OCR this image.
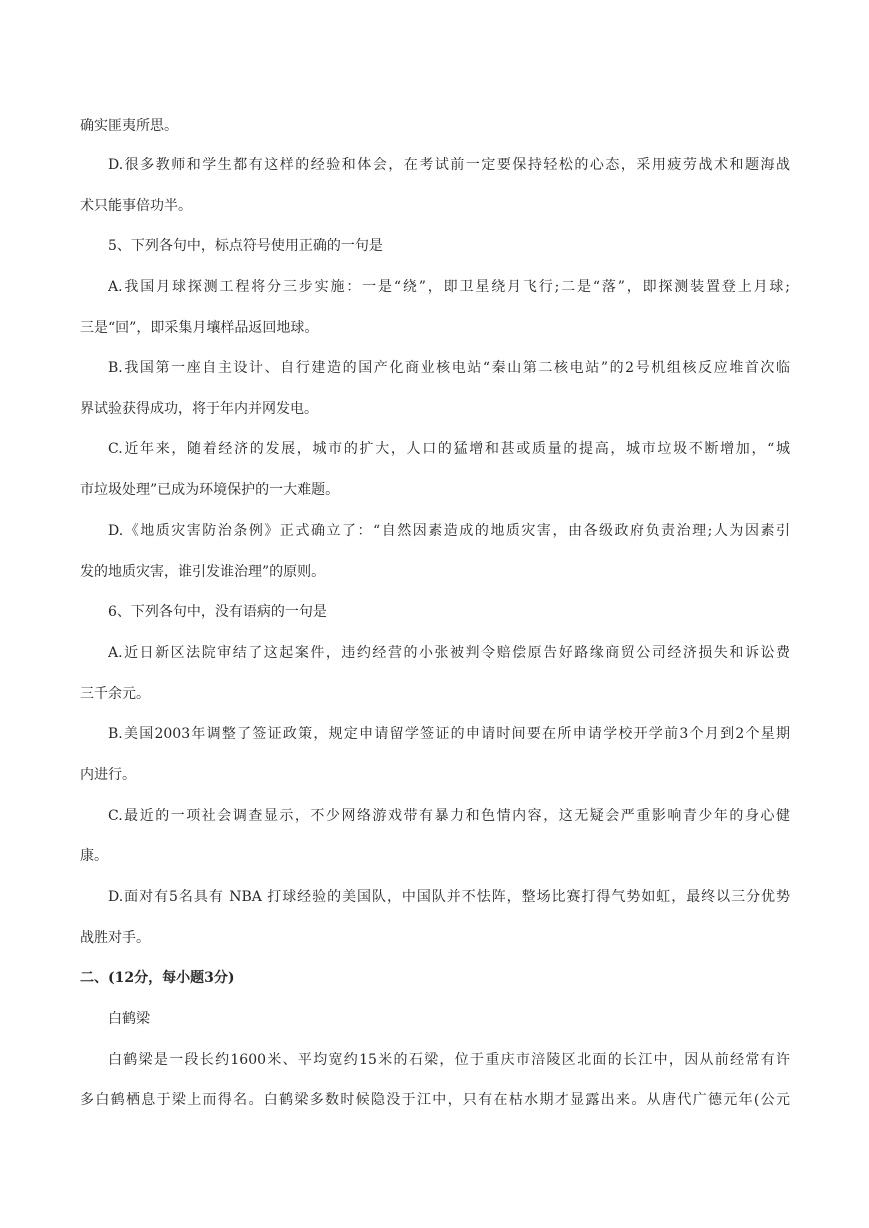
确实匪夷所思。
D.很多教师和学生都有这样的经验和体会，在考试前一定要保持轻松的心态，采用疲劳战术和题海战
术只能事倍功半。
5、下列各句中，标点符号使用正确的一句是
A.我国月球探测工程将分三步实施：一是“绕”，即卫星绕月飞行;二是“落”，即探测装置登上月球;
三是“回”，即采集月壤样品返回地球。
B.我国第一座自主设计、自行建造的国产化商业核电站“秦山第二核电站”的2号机组核反应堆首次临
界试验获得成功，将于年内并网发电。
C.近年来，随着经济的发展，城市的扩大，人口的猛增和甚或质量的提高，城市垃圾不断增加，“城
市垃圾处理”已成为环境保护的一大难题。
D.《地质灾害防治条例》正式确立了：“自然因素造成的地质灾害，由各级政府负责治理;人为因素引
发的地质灾害，谁引发谁治理”的原则。
6、下列各句中，没有语病的一句是
A.近日新区法院审结了这起案件，违约经营的小张被判令赔偿原告好路缘商贸公司经济损失和诉讼费
三千余元。
B.美国2003年调整了签证政策，规定申请留学签证的申请时间要在所申请学校开学前3个月到2个星期
内进行。
C.最近的一项社会调查显示，不少网络游戏带有暴力和色情内容，这无疑会严重影响青少年的身心健
康。
D.面对有5名具有 NBA 打球经验的美国队，中国队并不怯阵，整场比赛打得气势如虹，最终以三分优势
战胜对手。
二、(12分，每小题3分)
白鹤梁
白鹤梁是一段长约1600米、平均宽约15米的石梁，位于重庆市涪陵区北面的长江中，因从前经常有许
多白鹤栖息于梁上而得名。白鹤梁多数时候隐没于江中，只有在枯水期才显露出来。从唐代广德元年(公元
